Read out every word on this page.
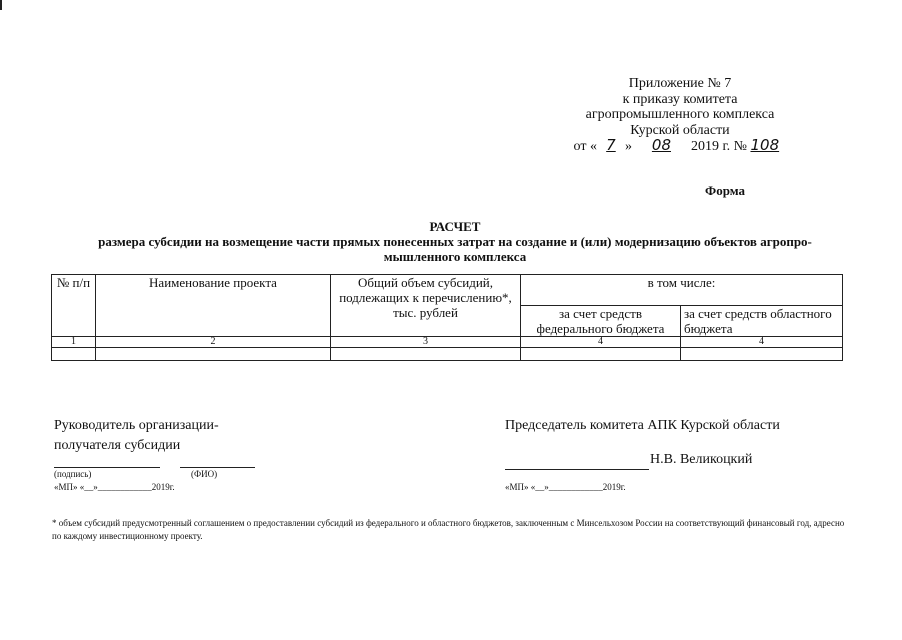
Приложение № 7
к приказу комитета
агропромышленного комплекса
Курской области
от « 7 » 08 2019 г. № 108
Форма
РАСЧЕТ
размера субсидии на возмещение части прямых понесенных затрат на создание и (или) модернизацию объектов агропро-
мышленного комплекса
№ п/п	Наименование проекта	Общий объем субсидий, подлежащих к перечислению*, тыс. рублей	в том числе:	
			за счет средств федерального бюджета	за счет средств областного бюджета
1	2	3	4	4

Руководитель организации-
получателя субсидии
(подпись)	(ФИО)
«МП» «__»____________2019г.
Председатель комитета АПК Курской области
Н.В. Великоцкий
«МП» «__»____________2019г.
* объем субсидий предусмотренный соглашением о предоставлении субсидий из федерального и областного бюджетов, заключенным с Минсельхозом России на соответствующий финансовый год, адресно по каждому инвестиционному проекту.
